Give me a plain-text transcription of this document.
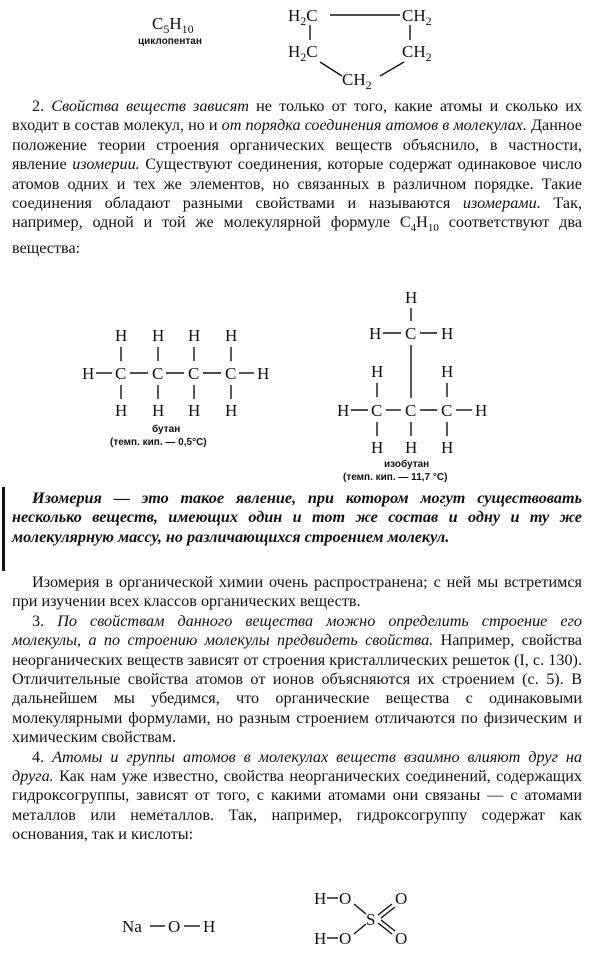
$C_5H_{10}$
циклопентан
$H_2C$	$CH_2$
$H_2C$	$CH_2$
$CH_2$

2. Свойства веществ зависят не только от того, какие атомы и сколько их входит в состав молекул, но и от порядка соединения атомов в молекулах. Данное положение теории строения органических веществ объяснило, в частности, явление изомерии. Существуют соединения, которые содержат одинаковое число атомов одних и тех же элементов, но связанных в различном порядке. Такие соединения обладают разными свойствами и называются изомерами. Так, например, одной и той же молекулярной формуле $C_4H_{10}$ соответствуют два вещества:

H H H H
H C C C C H
H H H H
бутан
(темп. кип. — 0,5°С)
H
H C H
H	H
H C C C H
H H H
изобутан
(темп. кип. — 11,7 °С)

Изомерия — это такое явление, при котором могут существовать несколько веществ, имеющих один и тот же состав и одну и ту же молекулярную массу, но различающихся строением молекул.

Изомерия в органической химии очень распространена; с ней мы встретимся при изучении всех классов органических веществ.

3. По свойствам данного вещества можно определить строение его молекулы, а по строению молекулы предвидеть свойства. Например, свойства неорганических веществ зависят от строения кристаллических решеток (I, с. 130). Отличительные свойства атомов от ионов объясняются их строением (с. 5). В дальнейшем мы убедимся, что органические вещества с одинаковыми молекулярными формулами, но разным строением отличаются по физическим и химическим свойствам.

4. Атомы и группы атомов в молекулах веществ взаимно влияют друг на друга. Как нам уже известно, свойства неорганических соединений, содержащих гидроксогруппы, зависят от того, с какими атомами они связаны — с атомами металлов или неметаллов. Так, например, гидроксогруппу содержат как основания, так и кислоты:

Na O H
H O
H O
S
O
O
